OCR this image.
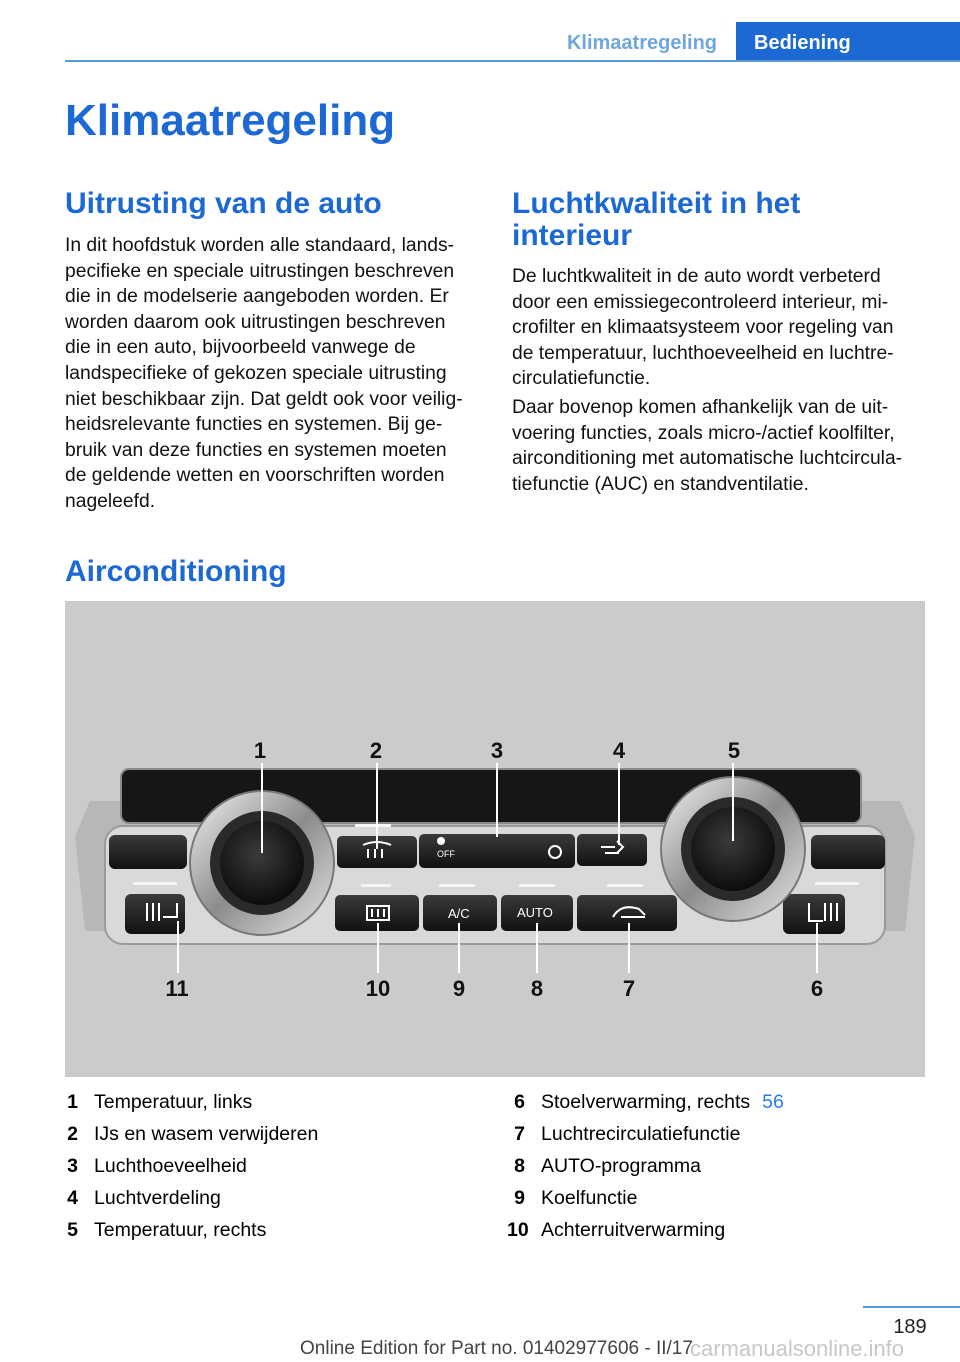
Klimaatregeling	Bediening
Klimaatregeling
Uitrusting van de auto
In dit hoofdstuk worden alle standaard, lands‐
pecifieke en speciale uitrustingen beschreven
die in de modelserie aangeboden worden. Er
worden daarom ook uitrustingen beschreven
die in een auto, bijvoorbeeld vanwege de
landspecifieke of gekozen speciale uitrusting
niet beschikbaar zijn. Dat geldt ook voor veilig‐
heidsrelevante functies en systemen. Bij ge‐
bruik van deze functies en systemen moeten
de geldende wetten en voorschriften worden
nageleefd.
Luchtkwaliteit in het
interieur
De luchtkwaliteit in de auto wordt verbeterd
door een emissiegecontroleerd interieur, mi‐
crofilter en klimaatsysteem voor regeling van
de temperatuur, luchthoeveelheid en luchtre‐
circulatiefunctie.
Daar bovenop komen afhankelijk van de uit‐
voering functies, zoals micro-/actief koolfilter,
airconditioning met automatische luchtcircula‐
tiefunctie (AUC) en standventilatie.
Airconditioning
OFF
A/C	AUTO
1	2	3	4	5
11	10	9	8	7	6
1 Temperatuur, links
2 IJs en wasem verwijderen
3 Luchthoeveelheid
4 Luchtverdeling
5 Temperatuur, rechts
6 Stoelverwarming, rechts 56
7 Luchtrecirculatiefunctie
8 AUTO-programma
9 Koelfunctie
10 Achterruitverwarming
189
Online Edition for Part no. 01402977606 - II/17
carmanualsonline.info
